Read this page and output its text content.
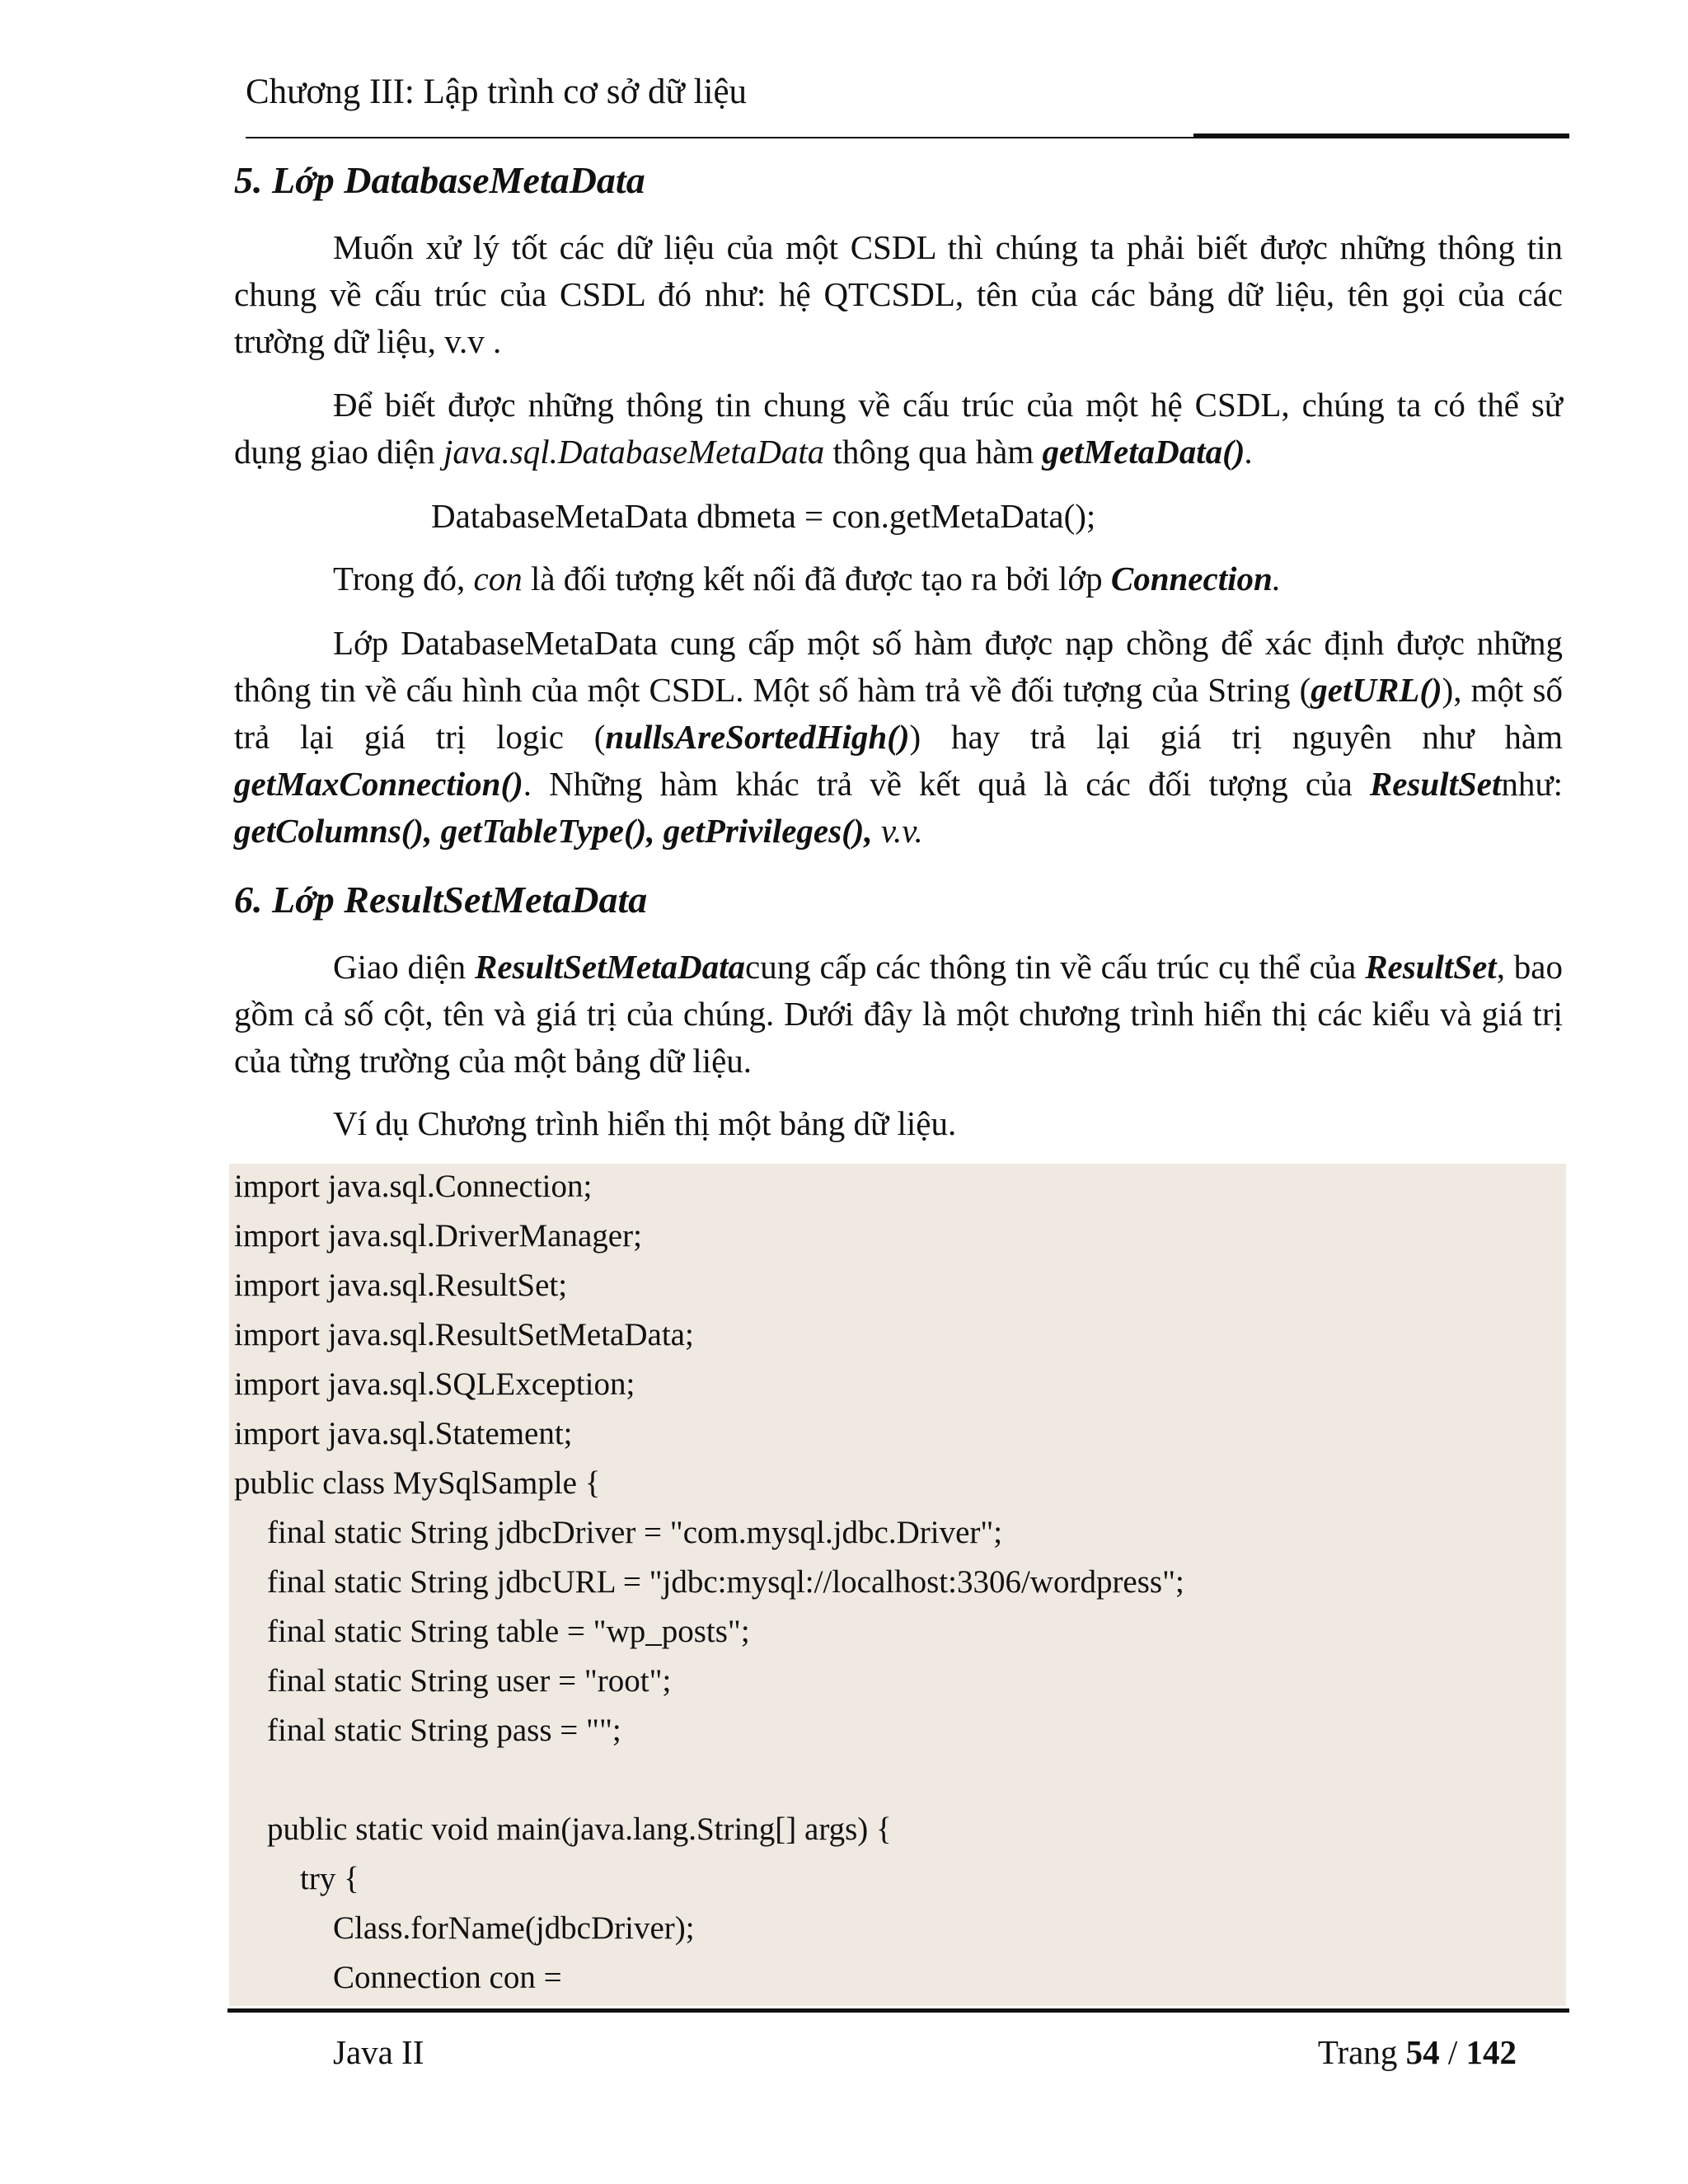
Chương III: Lập trình cơ sở dữ liệu
5. Lớp DatabaseMetaData
Muốn xử lý tốt các dữ liệu của một CSDL thì chúng ta phải biết được những thông tin chung về cấu trúc của CSDL đó như: hệ QTCSDL, tên của các bảng dữ liệu, tên gọi của các trường dữ liệu, v.v .
Để biết được những thông tin chung về cấu trúc của một hệ CSDL, chúng ta có thể sử dụng giao diện java.sql.DatabaseMetaData thông qua hàm getMetaData().
DatabaseMetaData dbmeta = con.getMetaData();
Trong đó, con là đối tượng kết nối đã được tạo ra bởi lớp Connection.
Lớp DatabaseMetaData cung cấp một số hàm được nạp chồng để xác định được những thông tin về cấu hình của một CSDL. Một số hàm trả về đối tượng của String (getURL()), một số trả lại giá trị logic (nullsAreSortedHigh()) hay trả lại giá trị nguyên như hàm getMaxConnection(). Những hàm khác trả về kết quả là các đối tượng của ResultSetnhư: getColumns(), getTableType(), getPrivileges(), v.v.
6. Lớp ResultSetMetaData
Giao diện ResultSetMetaDatacung cấp các thông tin về cấu trúc cụ thể của ResultSet, bao gồm cả số cột, tên và giá trị của chúng. Dưới đây là một chương trình hiển thị các kiểu và giá trị của từng trường của một bảng dữ liệu.
Ví dụ Chương trình hiển thị một bảng dữ liệu.
import java.sql.Connection;
import java.sql.DriverManager;
import java.sql.ResultSet;
import java.sql.ResultSetMetaData;
import java.sql.SQLException;
import java.sql.Statement;
public class MySqlSample {
final static String jdbcDriver = "com.mysql.jdbc.Driver";
final static String jdbcURL = "jdbc:mysql://localhost:3306/wordpress";
final static String table = "wp_posts";
final static String user = "root";
final static String pass = "";
public static void main(java.lang.String[] args) {
try {
Class.forName(jdbcDriver);
Connection con =
Java II	Trang 54 / 142
